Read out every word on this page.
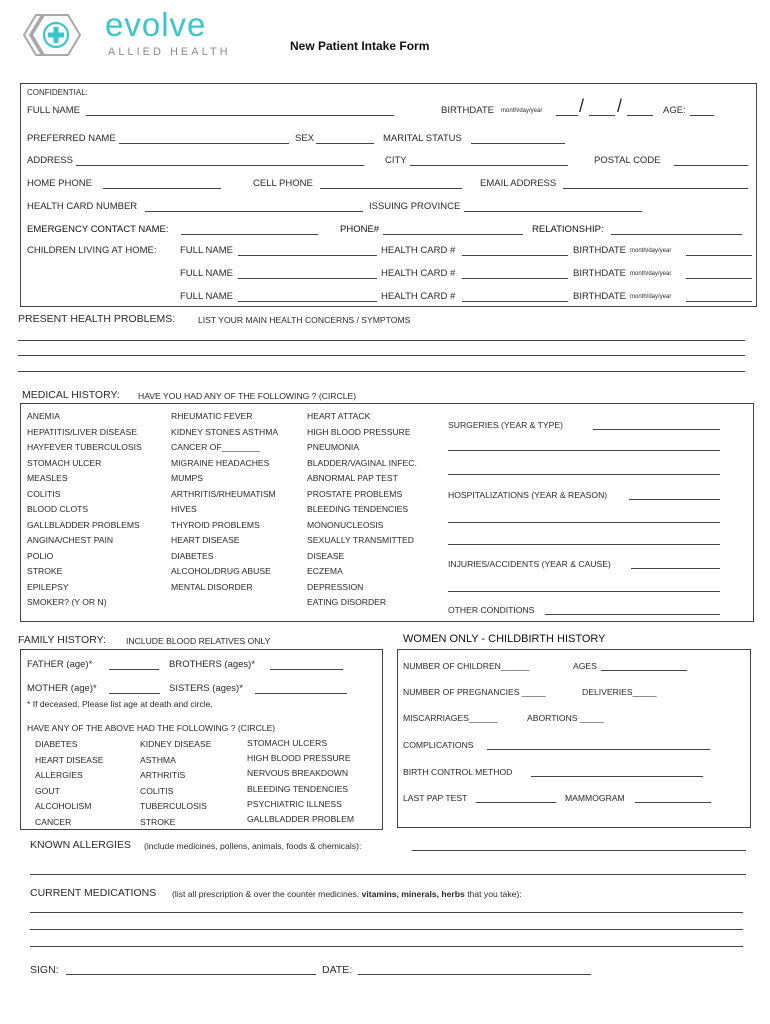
evolve
ALLIED HEALTH	New Patient Intake Form
CONFIDENTIAL:
FULL NAME	BIRTHDATE month/day/year / /	AGE:
PREFERRED NAME	SEX	MARITAL STATUS
ADDRESS	CITY	POSTAL CODE
HOME PHONE	CELL PHONE	EMAIL ADDRESS
HEALTH CARD NUMBER	ISSUING PROVINCE
EMERGENCY CONTACT NAME:	PHONE#	RELATIONSHIP:
CHILDREN LIVING AT HOME: FULL NAME	HEALTH CARD #	BIRTHDATE month/day/year
FULL NAME	HEALTH CARD #	BIRTHDATE month/day/year
FULL NAME	HEALTH CARD #	BIRTHDATE month/day/year
PRESENT HEALTH PROBLEMS:	LIST YOUR MAIN HEALTH CONCERNS / SYMPTOMS
MEDICAL HISTORY: HAVE YOU HAD ANY OF THE FOLLOWING ? (CIRCLE)
ANEMIA
HEPATITIS/LIVER DISEASE
HAYFEVER TUBERCULOSIS
STOMACH ULCER
MEASLES
COLITIS
BLOOD CLOTS
GALLBLADDER PROBLEMS
ANGINA/CHEST PAIN
POLIO
STROKE
EPILEPSY
SMOKER? (Y OR N)
RHEUMATIC FEVER
KIDNEY STONES ASTHMA
CANCER OF________
MIGRAINE HEADACHES
MUMPS
ARTHRITIS/RHEUMATISM
HIVES
THYROID PROBLEMS
HEART DISEASE
DIABETES
ALCOHOL/DRUG ABUSE
MENTAL DISORDER
HEART ATTACK
HIGH BLOOD PRESSURE
PNEUMONIA
BLADDER/VAGINAL INFEC.
ABNORMAL PAP TEST
PROSTATE PROBLEMS
BLEEDING TENDENCIES
MONONUCLEOSIS
SEXUALLY TRANSMITTED
DISEASE
ECZEMA
DEPRESSION
EATING DISORDER
SURGERIES (YEAR & TYPE)
HOSPITALIZATIONS (YEAR & REASON)
INJURIES/ACCIDENTS (YEAR & CAUSE)
OTHER CONDITIONS
FAMILY HISTORY: INCLUDE BLOOD RELATIVES ONLY
FATHER (age)*	BROTHERS (ages)*
MOTHER (age)*	SISTERS (ages)*
* If deceased, Please list age at death and circle.
HAVE ANY OF THE ABOVE HAD THE FOLLOWING ? (CIRCLE)
DIABETES
HEART DISEASE
ALLERGIES
GOUT
ALCOHOLISM
CANCER
KIDNEY DISEASE
ASTHMA
ARTHRITIS
COLITIS
TUBERCULOSIS
STROKE
STOMACH ULCERS
HIGH BLOOD PRESSURE
NERVOUS BREAKDOWN
BLEEDING TENDENCIES
PSYCHIATRIC ILLNESS
GALLBLADDER PROBLEM
WOMEN ONLY - CHILDBIRTH HISTORY
NUMBER OF CHILDREN______	AGES
NUMBER OF PREGNANCIES _____	DELIVERIES_____
MISCARRIAGES______	ABORTIONS _____
COMPLICATIONS
BIRTH CONTROL METHOD
LAST PAP TEST	MAMMOGRAM
KNOWN ALLERGIES (include medicines, pollens, animals, foods & chemicals):
CURRENT MEDICATIONS (list all prescription & over the counter medicines, vitamins, minerals, herbs that you take):
SIGN:	DATE:
